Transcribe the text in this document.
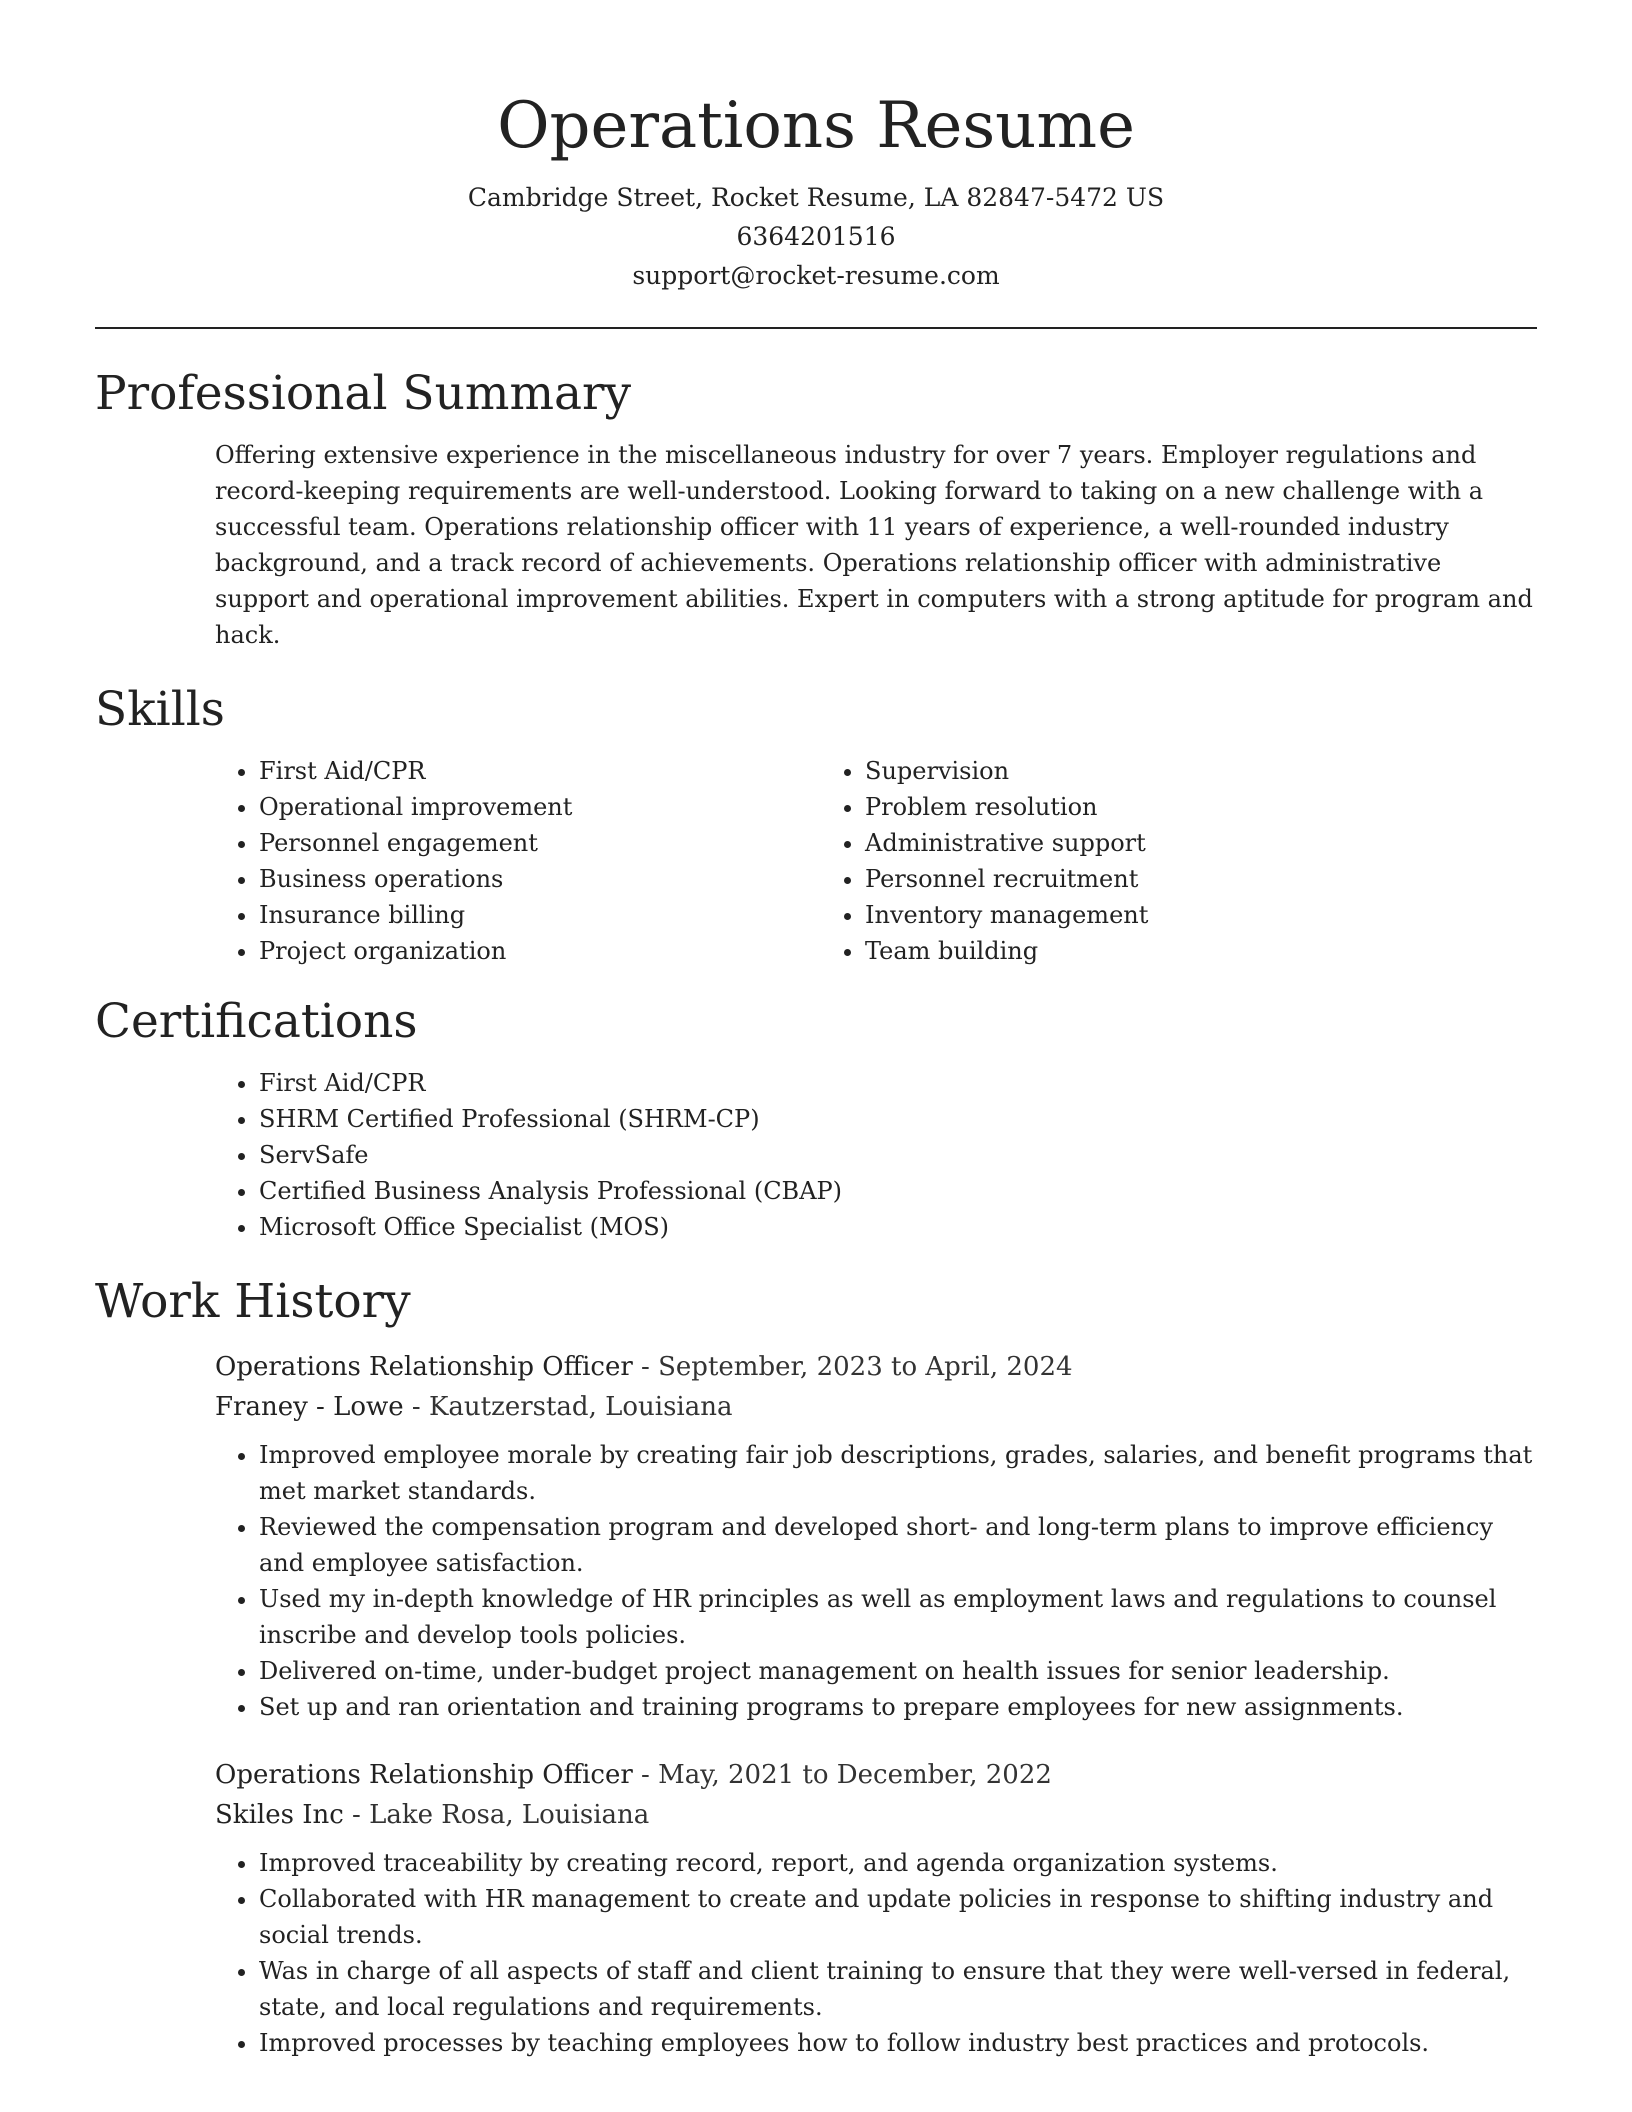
Operations Resume

Cambridge Street, Rocket Resume, LA 82847-5472 US

6364201516

support@rocket-resume.com

Professional Summary

Offering extensive experience in the miscellaneous industry for over 7 years. Employer regulations and record-keeping requirements are well-understood. Looking forward to taking on a new challenge with a successful team. Operations relationship officer with 11 years of experience, a well-rounded industry background, and a track record of achievements. Operations relationship officer with administrative support and operational improvement abilities. Expert in computers with a strong aptitude for program and hack.

Skills
• First Aid/CPR
• Operational improvement
• Personnel engagement
• Business operations
• Insurance billing
• Project organization
• Supervision
• Problem resolution
• Administrative support
• Personnel recruitment
• Inventory management
• Team building
Certifications
• First Aid/CPR
• SHRM Certified Professional (SHRM-CP)
• ServSafe
• Certified Business Analysis Professional (CBAP)
• Microsoft Office Specialist (MOS)
Work History

Operations Relationship Officer - September, 2023 to April, 2024

Franey - Lowe - Kautzerstad, Louisiana

• Improved employee morale by creating fair job descriptions, grades, salaries, and benefit programs that met market standards.
• Reviewed the compensation program and developed short- and long-term plans to improve efficiency and employee satisfaction.
• Used my in-depth knowledge of HR principles as well as employment laws and regulations to counsel inscribe and develop tools policies.
• Delivered on-time, under-budget project management on health issues for senior leadership.
• Set up and ran orientation and training programs to prepare employees for new assignments.

Operations Relationship Officer - May, 2021 to December, 2022

Skiles Inc - Lake Rosa, Louisiana

• Improved traceability by creating record, report, and agenda organization systems.
• Collaborated with HR management to create and update policies in response to shifting industry and social trends.
• Was in charge of all aspects of staff and client training to ensure that they were well-versed in federal, state, and local regulations and requirements.
• Improved processes by teaching employees how to follow industry best practices and protocols.
